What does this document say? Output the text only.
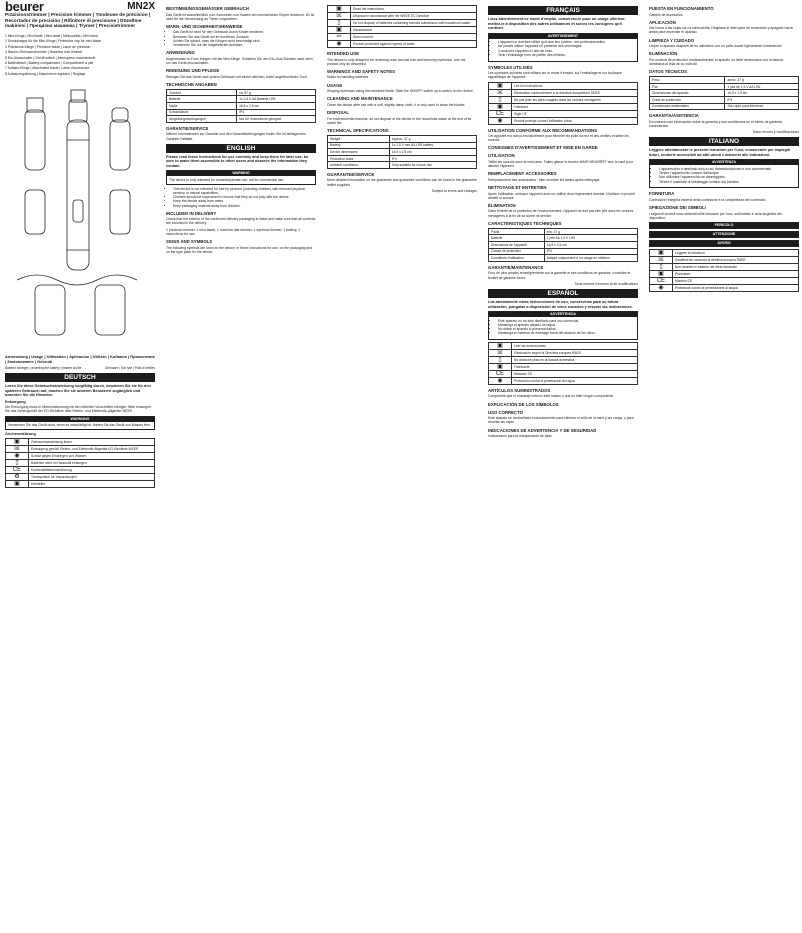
beurer	MN2X
Präzisionstrimmer | Precision trimmer | Tondeuse de précision | Recortador de precisión | Rifinitore di precisione | Düzeltme makinesi | Прецизна машинка | Trymer | Precisietrimmer
1 Mini-Klinge | Mini blade | Mini-lame | Minicuchilla | Mini lama
2 Schutzkappe für die Mini-Klinge | Protective cap for mini blade
3 Präzisions-Klinge | Precision blade | Lame de précision
4 Nasen-/Ohrhaarschneider | Nose/ear hair trimmer
5 Ein-/Ausschalter | On/off switch | Interrupteur marche/arrêt
6 Batteriefach | Battery compartment | Compartiment à pile
7 Aufsatz-Klinge | Attachment blade | Lame d'accessoire
8 Aufsatzregulierung | Attachment regulator | Réglage
Anwendung | Usage | Utilisation | Aplicación | Utilizzo | Kullanım | Применение | Zastosowanie | Gebruik
Batterie einlegen | Inserting the battery | Insérer la pile	Ohrhaare | Ear hair | Poils d'oreilles
DEUTSCH

Lesen Sie diese Gebrauchsanweisung sorgfältig durch, bewahren Sie sie für den späteren Gebrauch auf, machen Sie sie anderen Benutzern zugänglich und beachten Sie die Hinweise.

Entsorgung

Die Entsorgung muss in Übereinstimmung mit den örtlichen Vorschriften erfolgen. Bitte entsorgen Sie das Gerät gemäß der EG-Richtlinie über Elektro- und Elektronik-Altgeräte WEEE.

WARNUNG
Verwenden Sie das Gerät nicht, wenn es beschädigt ist. Halten Sie das Gerät von Wasser fern.
Zeichenerklärung
▣	Gebrauchsanweisung lesen
☒	Entsorgung gemäß Elektro- und Elektronik-Altgeräte EG-Richtlinie WEEE
◉	Schutz gegen Eindringen von Wasser
▯	Batterien nicht im Hausmüll entsorgen
CE	Konformitätskennzeichnung
♻	Trennsymbol für Verpackungen
▣	Hersteller
BESTIMMUNGSGEMÄSSER GEBRAUCH

Das Gerät ist ausschließlich zum Schneiden von Haaren am menschlichen Körper bestimmt. Es ist nicht für die Verwendung an Tieren vorgesehen.

WARN- UND SICHERHEITSHINWEISE
• Das Gerät ist nicht für den Gebrauch durch Kinder bestimmt.
• Benutzen Sie das Gerät nur im trockenen Zustand.
• Achten Sie darauf, dass die Klingen nicht beschädigt sind.
• Verwenden Sie nur die mitgelieferten Aufsätze.
ANWENDUNG

Augenbrauen in Form bringen mit der Mini-Klinge. Schieben Sie den Ein-/Aus-Schalter nach oben, um das Gerät einzuschalten.

REINIGUNG UND PFLEGE

Reinigen Sie das Gerät nach jedem Gebrauch mit einem weichen, leicht angefeuchteten Tuch.

TECHNISCHE ANGABEN
Gewicht	ca. 87 g
Batterie	1x 1,5 V AA Batterie LR6
Maße	16,5 x 2,5 cm
Schutzklasse	IP4
Umgebungsbedingungen	Nur für Innenräume geeignet
GARANTIE/SERVICE

Nähere Informationen zur Garantie und den Garantiebedingungen finden Sie im beiliegenden Garantie-Faltblatt.

ENGLISH

Please read these instructions for use carefully and keep them for later use, be sure to make them accessible to other users and observe the information they contain.

WARNING
The device is only intended for domestic/private use, not for commercial use.
• This device is not intended for use by persons (including children) with reduced physical, sensory or mental capabilities.
• Children should be supervised to ensure that they do not play with the device.
• Keep the device away from water.
• Keep packaging material away from children.
INCLUDED IN DELIVERY

Check that the exterior of the cardboard delivery packaging is intact and make sure that all contents are included in the delivery.

1 precision trimmer, 1 mini-blade, 1 nose/ear hair trimmer, 1 eyebrow trimmer, 1 battery, 1 instructions for use

SIGNS AND SYMBOLS

The following symbols are used on the device, in these instructions for use, on the packaging and on the type plate for the device:

▣	Read the instructions
☒	Disposal in accordance with the WEEE EC Directive
▯	Do not dispose of batteries containing harmful substances with household waste
▣	Manufacturer
⎓	Direct current
◉	Product protected against ingress of water
INTENDED USE

The device is only designed for removing nose and ear hair and trimming eyebrows. Use the product only as described.

WARNINGS AND SAFETY NOTES

Notes on handling batteries

USAGE

Shaping eyebrows using the miniature blade. Slide the ON/OFF switch up to switch on the device.

CLEANING AND MAINTENANCE

Clean the device after use with a soft, slightly damp cloth. It is only used to clean the blades.

DISPOSAL

For environmental reasons, do not dispose of the device in the household waste at the end of its useful life.

TECHNICAL SPECIFICATIONS
Weight	Approx. 37 g
Battery	1x 1.5 V mm AA LR6 battery
Device dimensions	16.5 x 2.5 cm
Protection class	IP4
Ambient conditions	Only suitable for indoor use
GUARANTEE/SERVICE

More detailed information on the guarantee and guarantee conditions can be found in the guarantee leaflet supplied.

Subject to errors and changes

FRANÇAIS

Lisez attentivement ce mode d'emploi, conservez-le pour un usage ultérieur, mettez-le à disposition des autres utilisateurs et suivez les consignes qu'il contient.

AVERTISSEMENT
• L'appareil ne doit être utilisé qu'à des fins privées, non professionnelles.
• Ne jamais utiliser l'appareil s'il présente des dommages.
• Conservez l'appareil à l'abri de l'eau.
• Tenir l'emballage hors de portée des enfants.
SYMBOLES UTILISÉS

Les symboles suivants sont utilisés sur le mode d'emploi, sur l'emballage et sur la plaque signalétique de l'appareil :

▣	Lire les instructions
☒	Élimination conformément à la directive européenne DEEE
▯	Ne pas jeter les piles usagées dans les ordures ménagères
▣	Fabricant
CE	Sigle CE
◉	Produit protégé contre l'infiltration d'eau
UTILISATION CONFORME AUX RECOMMANDATIONS

Cet appareil est conçu exclusivement pour éliminer les poils du nez et des oreilles et tailler les sourcils.

CONSIGNES D'AVERTISSEMENT ET MISE EN GARDE
UTILISATION

Tailler les sourcils avec la mini-lame. Faites glisser le bouton MARCHE/ARRÊT vers le haut pour allumer l'appareil.

REMPLACEMENT ACCESSOIRES

Remplacement des accessoires : bien remettre les lames après nettoyage.

NETTOYAGE ET ENTRETIEN

Après l'utilisation, nettoyez l'appareil avec un chiffon doux légèrement humide. N'utilisez ni produit abrasif ni solvant.

ÉLIMINATION

Dans l'intérêt de la protection de l'environnement, l'appareil ne doit pas être jeté avec les ordures ménagères à la fin de sa durée de service.

CARACTÉRISTIQUES TECHNIQUES
Poids	env. 37 g
Batterie	1 pile AA 1,5 V LR6
Dimensions de l'appareil	16,5 x 2,5 cm
Classe de protection	IP4
Conditions d'utilisation	Adapté uniquement à un usage en intérieur
GARANTIE/MAINTENANCE

Pour de plus amples renseignements sur la garantie et ses conditions de garantie, consultez le feuillet de garantie fourni.

Sous réserve d'erreurs et de modifications

ESPAÑOL

Lea atentamente estas instrucciones de uso, consérvelas para su futura utilización, póngalas a disposición de otros usuarios y respete las indicaciones.

ADVERTENCIA
• Este aparato no ha sido diseñado para uso comercial.
• Mantenga el aparato alejado del agua.
• No utilice el aparato si presenta daños.
• Mantenga el material de embalaje fuera del alcance de los niños.
▣	Leer las instrucciones
☒	Eliminación según la Directiva europea RAEE
▯	No deseche pilas en la basura doméstica
▣	Fabricante
CE	Marcado CE
◉	Protección contra la penetración del agua
ARTÍCULOS SUMINISTRADOS

Compruebe que el embalaje exterior esté intacto y que no falte ningún componente.

EXPLICACIÓN DE LOS SÍMBOLOS
USO CORRECTO

Este aparato se ha diseñado exclusivamente para eliminar el vello de la nariz y las orejas, y para recortar las cejas.

INDICACIONES DE ADVERTENCIA Y DE SEGURIDAD

Indicaciones para la manipulación de pilas

PUESTA EN FUNCIONAMIENTO

Cambio de accesorios

APLICACIÓN

Dar forma a las cejas con la minicuchilla. Desplace el interruptor de encendido y apagado hacia arriba para encender el aparato.

LIMPIEZA Y CUIDADO

Limpie el aparato después de su utilización con un paño suave ligeramente humedecido.

ELIMINACIÓN

Por motivos de protección medioambiental, el aparato no debe desecharse con la basura doméstica al final de su vida útil.

DATOS TÉCNICOS
Peso	aprox. 37 g
Pila	1 pila de 1,5 V AA LR6
Dimensiones del aparato	16,5 x 2,5 cm
Clase de protección	IP4
Condiciones ambientales	Solo apto para interiores
GARANTÍA/ASISTENCIA

Encontrará más información sobre la garantía y sus condiciones en el folleto de garantía suministrado.

Salvo errores y modificaciones

ITALIANO

Leggere attentamente le presenti istruzioni per l'uso, conservarle per impieghi futuri, renderle accessibili ad altri utenti e attenersi alle indicazioni.

AVVERTENZA
• L'apparecchio è destinato solo a uso domestico/privato e non commerciale.
• Tenere l'apparecchio lontano dall'acqua.
• Non utilizzare l'apparecchio se danneggiato.
• Tenere il materiale di imballaggio lontano dai bambini.
FORNITURA

Controllare l'integrità esterna della confezione e la completezza del contenuto.

SPIEGAZIONE DEI SIMBOLI

I seguenti simboli sono utilizzati nelle istruzioni per l'uso, sull'imballo e sulla targhetta del dispositivo:

PERICOLO
ATTENZIONE
AVVISO
▣	Leggere le istruzioni
☒	Smaltimento secondo la direttiva europea RAEE
▯	Non smaltire le batterie nei rifiuti domestici
▣	Produttore
CE	Marchio CE
◉	Protezione contro la penetrazione di acqua
